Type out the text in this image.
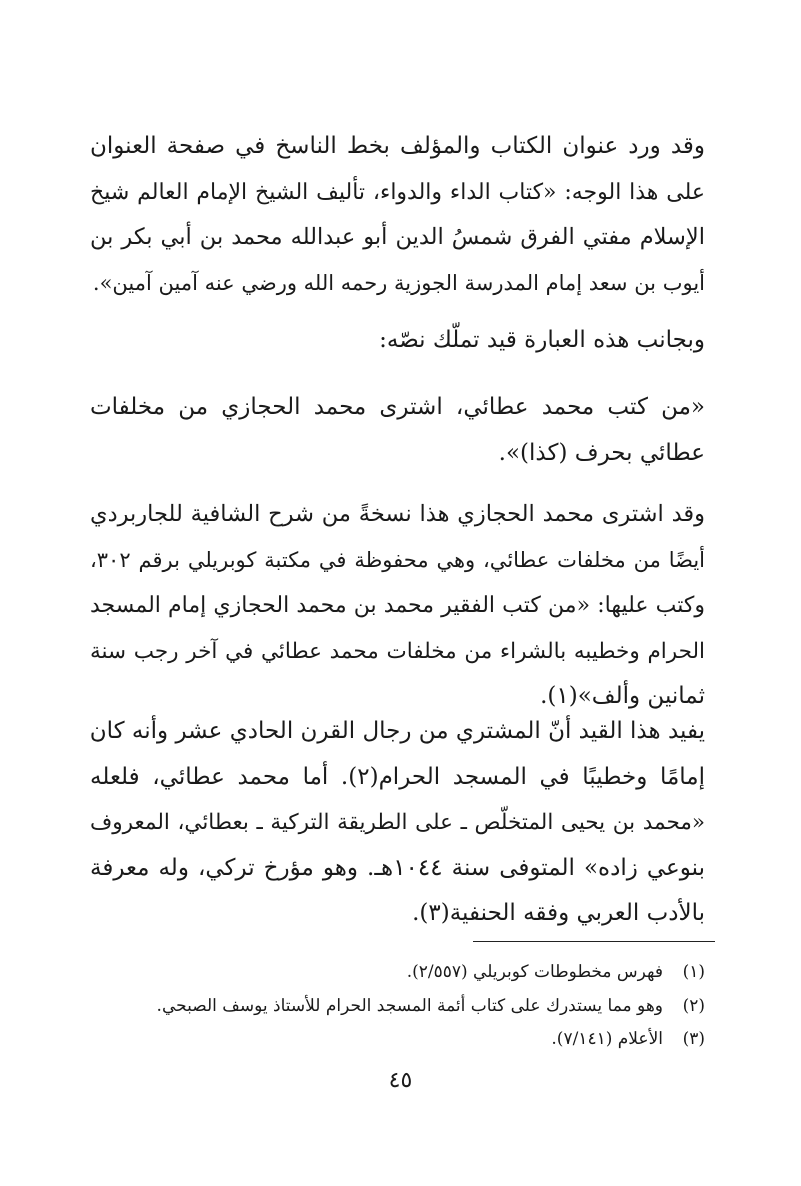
وقد ورد عنوان الكتاب والمؤلف بخط الناسخ في صفحة العنوان
على هذا الوجه: «كتاب الداء والدواء، تأليف الشيخ الإمام العالم شيخ
الإسلام مفتي الفرق شمسُ الدين أبو عبدالله محمد بن أبي بكر بن
أيوب بن سعد إمام المدرسة الجوزية رحمه الله ورضي عنه آمين آمين».
وبجانب هذه العبارة قيد تملّك نصّه:
«من كتب محمد عطائي، اشترى محمد الحجازي من مخلفات
عطائي بحرف (كذا)».
وقد اشترى محمد الحجازي هذا نسخةً من شرح الشافية للجاربردي
أيضًا من مخلفات عطائي، وهي محفوظة في مكتبة كوبريلي برقم ٣٠٢،
وكتب عليها: «من كتب الفقير محمد بن محمد الحجازي إمام المسجد
الحرام وخطيبه بالشراء من مخلفات محمد عطائي في آخر رجب سنة
ثمانين وألف»(١).
يفيد هذا القيد أنّ المشتري من رجال القرن الحادي عشر وأنه كان
إمامًا وخطيبًا في المسجد الحرام(٢). أما محمد عطائي، فلعله
«محمد بن يحيى المتخلّص ـ على الطريقة التركية ـ بعطائي، المعروف
بنوعي زاده» المتوفى سنة ١٠٤٤هـ. وهو مؤرخ تركي، وله معرفة
بالأدب العربي وفقه الحنفية(٣).
(١)فهرس مخطوطات كوبريلي (٢/٥٥٧).
(٢)وهو مما يستدرك على كتاب أئمة المسجد الحرام للأستاذ يوسف الصبحي.
(٣)الأعلام (٧/١٤١).
٤٥
